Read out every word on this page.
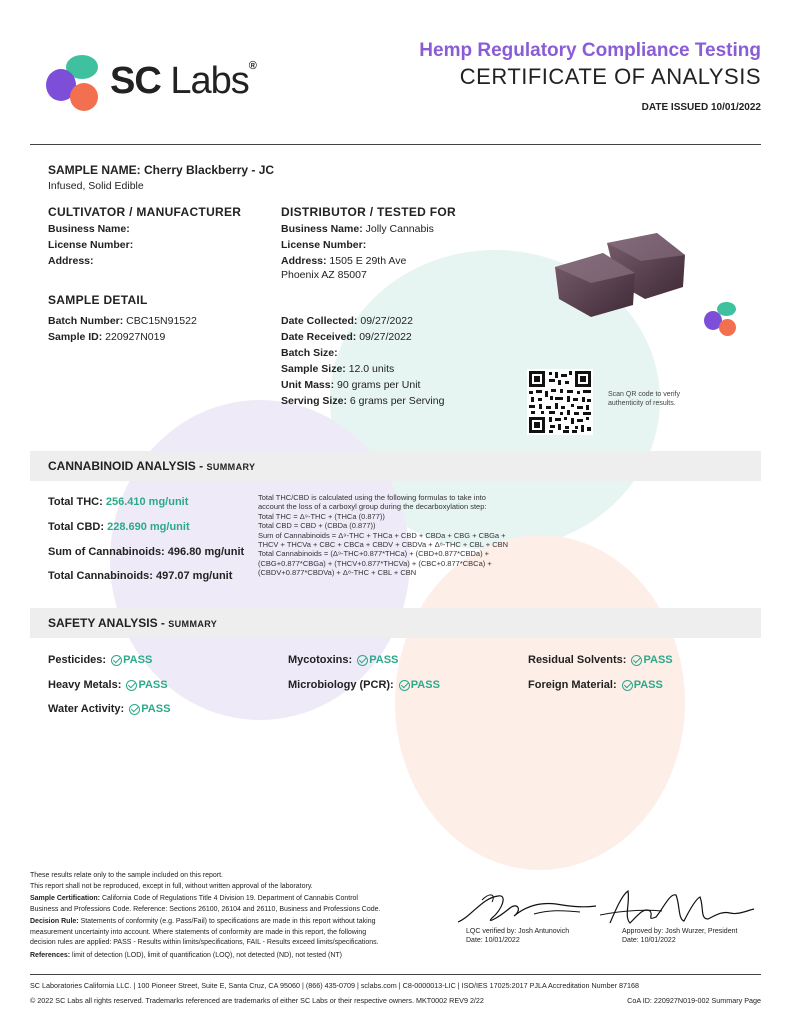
SC Labs®
Hemp Regulatory Compliance Testing
CERTIFICATE OF ANALYSIS
DATE ISSUED 10/01/2022
SAMPLE NAME: Cherry Blackberry - JC
Infused, Solid Edible
CULTIVATOR / MANUFACTURER
Business Name:
License Number:
Address:
DISTRIBUTOR / TESTED FOR
Business Name: Jolly Cannabis
License Number:
Address: 1505 E 29th Ave
Phoenix AZ 85007
SAMPLE DETAIL
Batch Number: CBC15N91522
Sample ID: 220927N019
Date Collected: 09/27/2022
Date Received: 09/27/2022
Batch Size:
Sample Size: 12.0 units
Unit Mass: 90 grams per Unit
Serving Size: 6 grams per Serving
Scan QR code to verify
authenticity of results.
CANNABINOID ANALYSIS - SUMMARY
Total THC: 256.410 mg/unit
Total CBD: 228.690 mg/unit
Sum of Cannabinoids: 496.80 mg/unit
Total Cannabinoids: 497.07 mg/unit
Total THC/CBD is calculated using the following formulas to take into
account the loss of a carboxyl group during the decarboxylation step:
Total THC = Δ⁹-THC + (THCa (0.877))
Total CBD = CBD + (CBDa (0.877))
Sum of Cannabinoids = Δ⁹-THC + THCa + CBD + CBDa + CBG + CBGa +
THCV + THCVa + CBC + CBCa + CBDV + CBDVa + Δ⁸-THC + CBL + CBN
Total Cannabinoids = (Δ⁹-THC+0.877*THCa) + (CBD+0.877*CBDa) +
(CBG+0.877*CBGa) + (THCV+0.877*THCVa) + (CBC+0.877*CBCa) +
(CBDV+0.877*CBDVa) + Δ⁸-THC + CBL + CBN
SAFETY ANALYSIS - SUMMARY
Pesticides: PASS	Mycotoxins: PASS	Residual Solvents: PASS
Heavy Metals: PASS	Microbiology (PCR): PASS	Foreign Material: PASS
Water Activity: PASS
These results relate only to the sample included on this report.
This report shall not be reproduced, except in full, without written approval of the laboratory.
Sample Certification: California Code of Regulations Title 4 Division 19. Department of Cannabis Control
Business and Professions Code. Reference: Sections 26100, 26104 and 26110, Business and Professions Code.
Decision Rule: Statements of conformity (e.g. Pass/Fail) to specifications are made in this report without taking
measurement uncertainty into account. Where statements of conformity are made in this report, the following
decision rules are applied: PASS - Results within limits/specifications, FAIL - Results exceed limits/specifications.
References: limit of detection (LOD), limit of quantification (LOQ), not detected (ND), not tested (NT)
LQC verified by: Josh Antunovich
Date: 10/01/2022
Approved by: Josh Wurzer, President
Date: 10/01/2022
SC Laboratories California LLC. | 100 Pioneer Street, Suite E, Santa Cruz, CA 95060 | (866) 435-0709 | sclabs.com | C8-0000013-LIC | ISO/IES 17025:2017 PJLA Accreditation Number 87168
© 2022 SC Labs all rights reserved. Trademarks referenced are trademarks of either SC Labs or their respective owners. MKT0002 REV9 2/22	CoA ID: 220927N019-002 Summary Page
